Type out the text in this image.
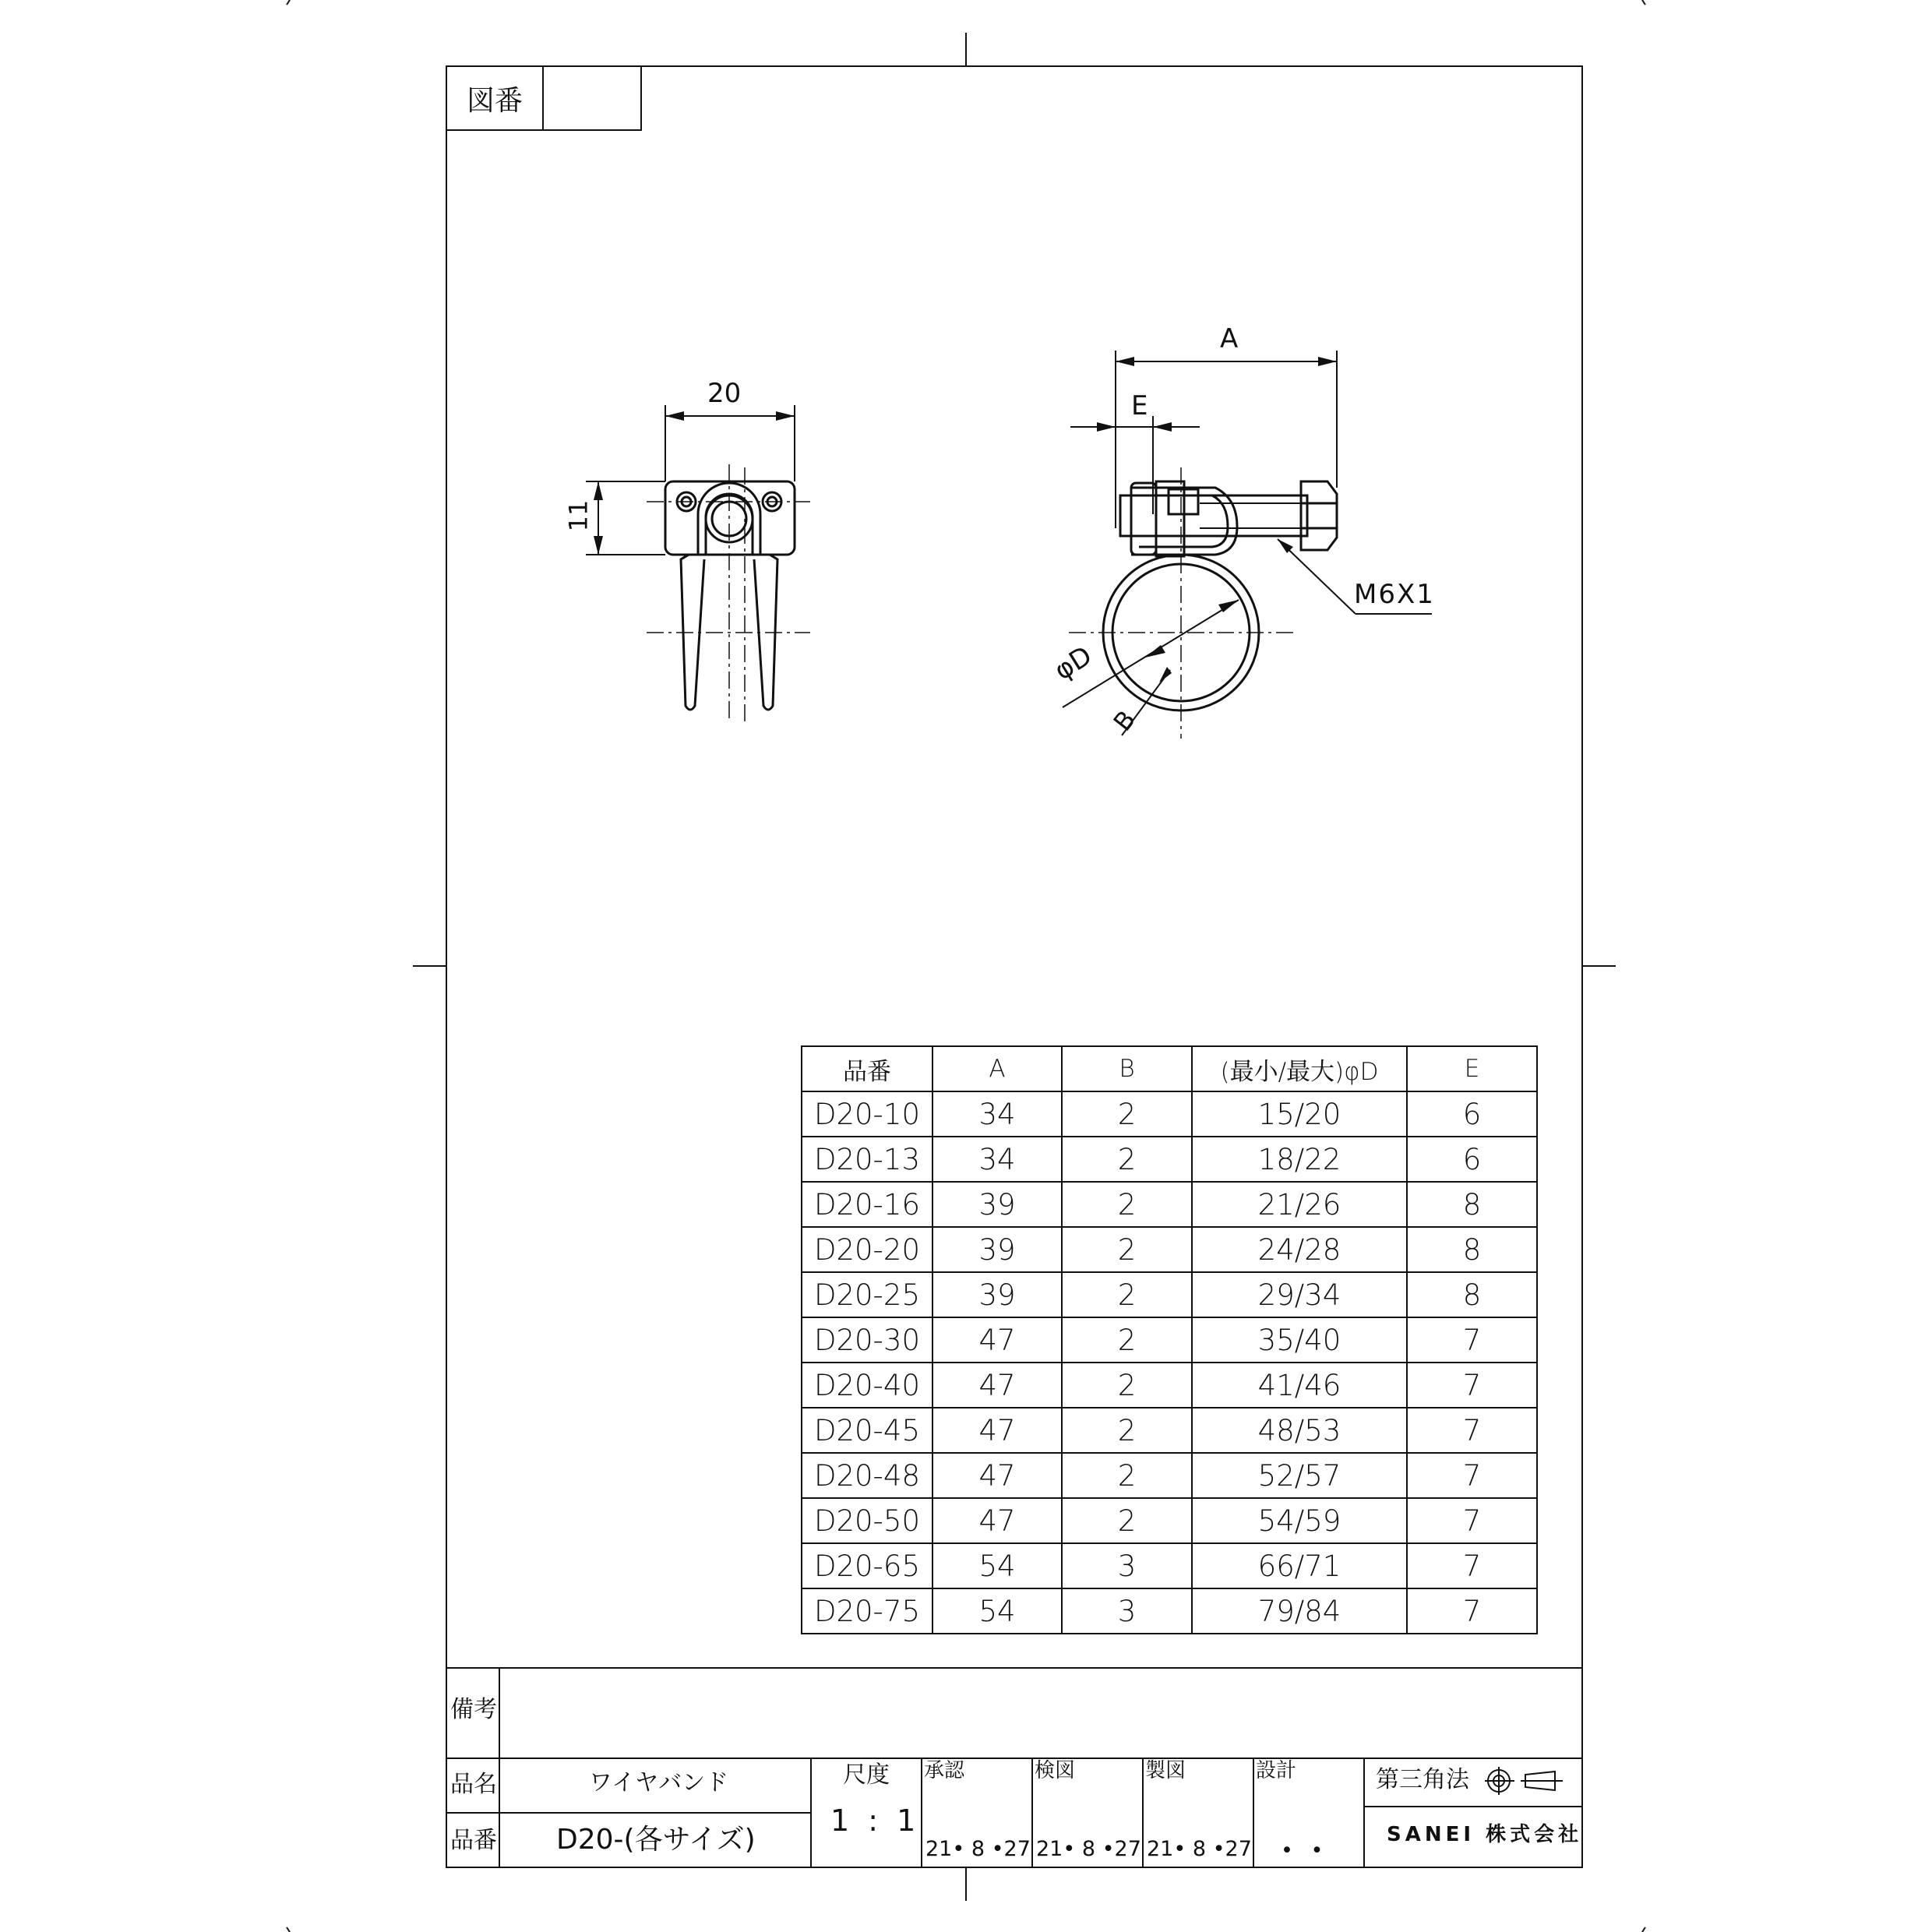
図番
20
11
A
E
M6X1
φD
B
品番	A	B	(最小/最大)φD	E
D20-10	34	2	15/20	6
D20-13	34	2	18/22	6
D20-16	39	2	21/26	8
D20-20	39	2	24/28	8
D20-25	39	2	29/34	8
D20-30	47	2	35/40	7
D20-40	47	2	41/46	7
D20-45	47	2	48/53	7
D20-48	47	2	52/57	7
D20-50	47	2	54/59	7
D20-65	54	3	66/71	7
D20-75	54	3	79/84	7
備考
品名	ワイヤバンド
品番 D20-(各サイズ)
尺度
1 : 1
承認
21• 8 •27
検図
21• 8 •27
製図
21• 8 •27
設計
• •
第三角法
SANEI 株式会社
